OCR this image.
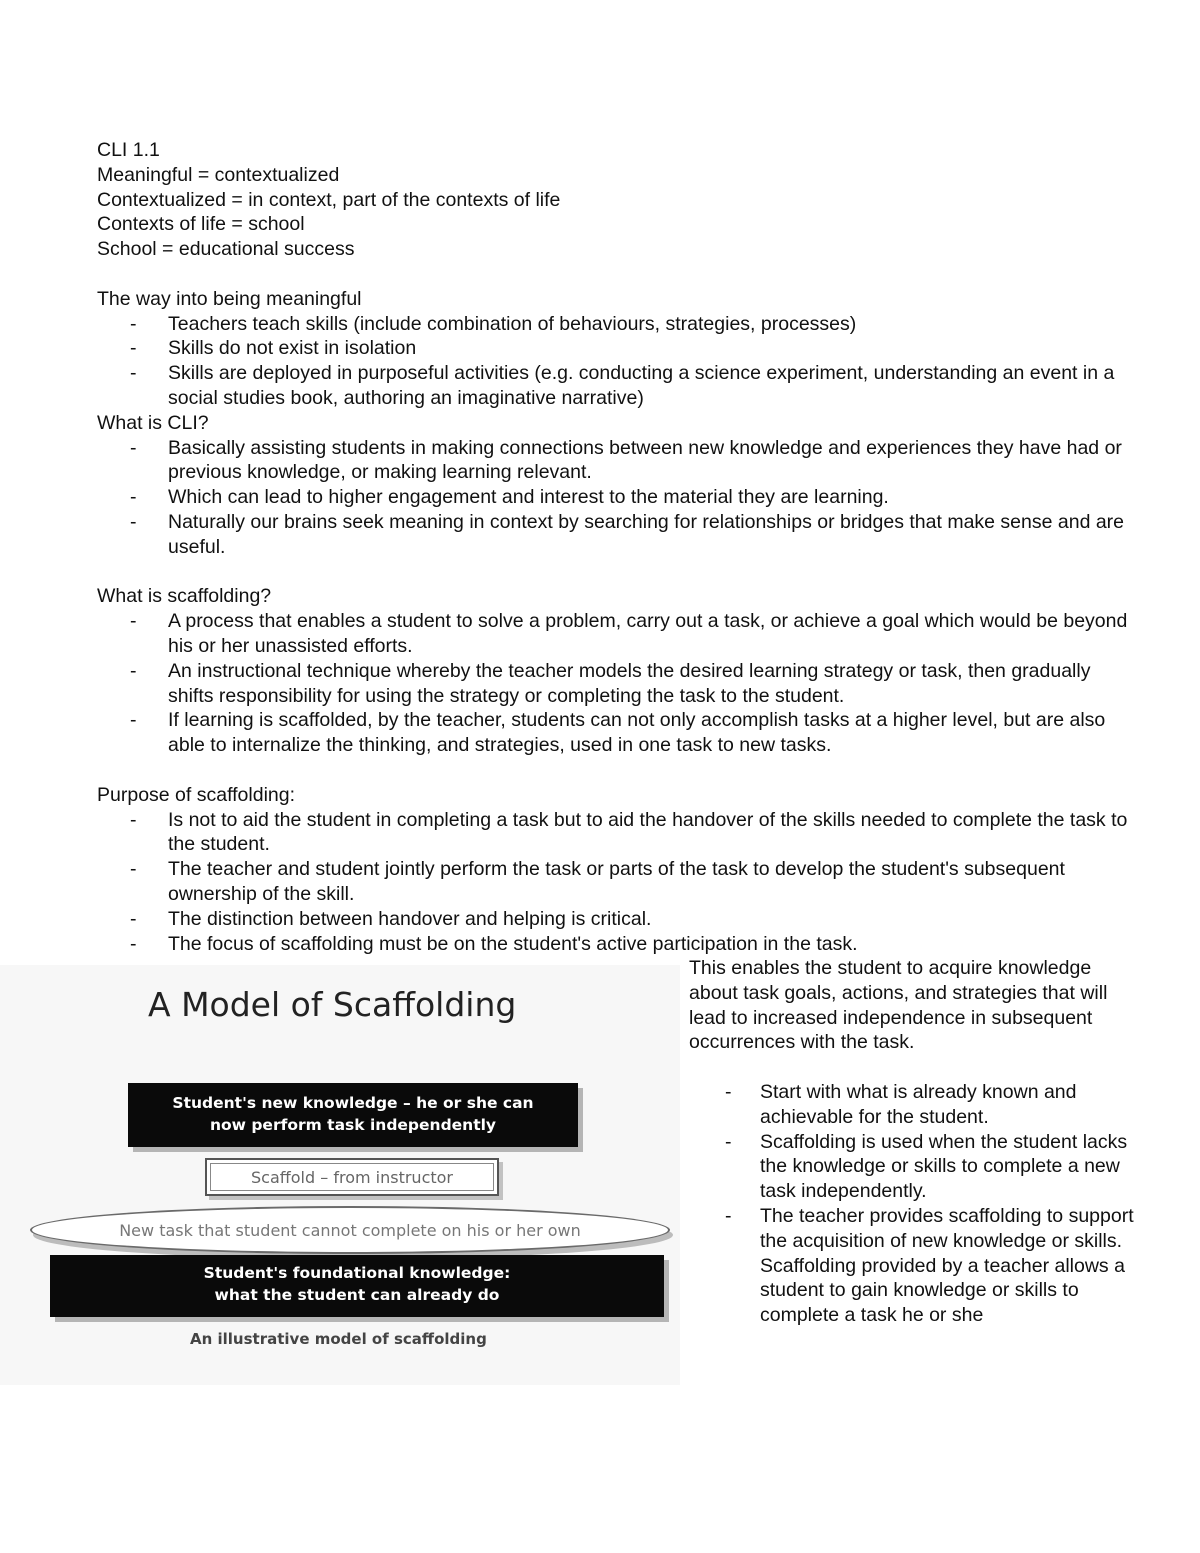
CLI 1.1
Meaningful = contextualized
Contextualized = in context, part of the contexts of life
Contexts of life = school
School = educational success
The way into being meaningful
- Teachers teach skills (include combination of behaviours, strategies, processes)
- Skills do not exist in isolation
- Skills are deployed in purposeful activities (e.g. conducting a science experiment, understanding an event in a social studies book, authoring an imaginative narrative)
What is CLI?
- Basically assisting students in making connections between new knowledge and experiences they have had or previous knowledge, or making learning relevant.
- Which can lead to higher engagement and interest to the material they are learning.
- Naturally our brains seek meaning in context by searching for relationships or bridges that make sense and are useful.
What is scaffolding?
- A process that enables a student to solve a problem, carry out a task, or achieve a goal which would be beyond his or her unassisted efforts.
- An instructional technique whereby the teacher models the desired learning strategy or task, then gradually shifts responsibility for using the strategy or completing the task to the student.
- If learning is scaffolded, by the teacher, students can not only accomplish tasks at a higher level, but are also able to internalize the thinking, and strategies, used in one task to new tasks.
Purpose of scaffolding:
- Is not to aid the student in completing a task but to aid the handover of the skills needed to complete the task to the student.
- The teacher and student jointly perform the task or parts of the task to develop the student's subsequent ownership of the skill.
- The distinction between handover and helping is critical.
- The focus of scaffolding must be on the student's active participation in the task.
A Model of Scaffolding
Student's new knowledge – he or she can
now perform task independently
Scaffold – from instructor
New task that student cannot complete on his or her own
Student's foundational knowledge:
what the student can already do
An illustrative model of scaffolding
This enables the student to acquire knowledge about task goals, actions, and strategies that will lead to increased independence in subsequent occurrences with the task.
- Start with what is already known and achievable for the student.
- Scaffolding is used when the student lacks the knowledge or skills to complete a new task independently.
- The teacher provides scaffolding to support the acquisition of new knowledge or skills. Scaffolding provided by a teacher allows a student to gain knowledge or skills to complete a task he or she
